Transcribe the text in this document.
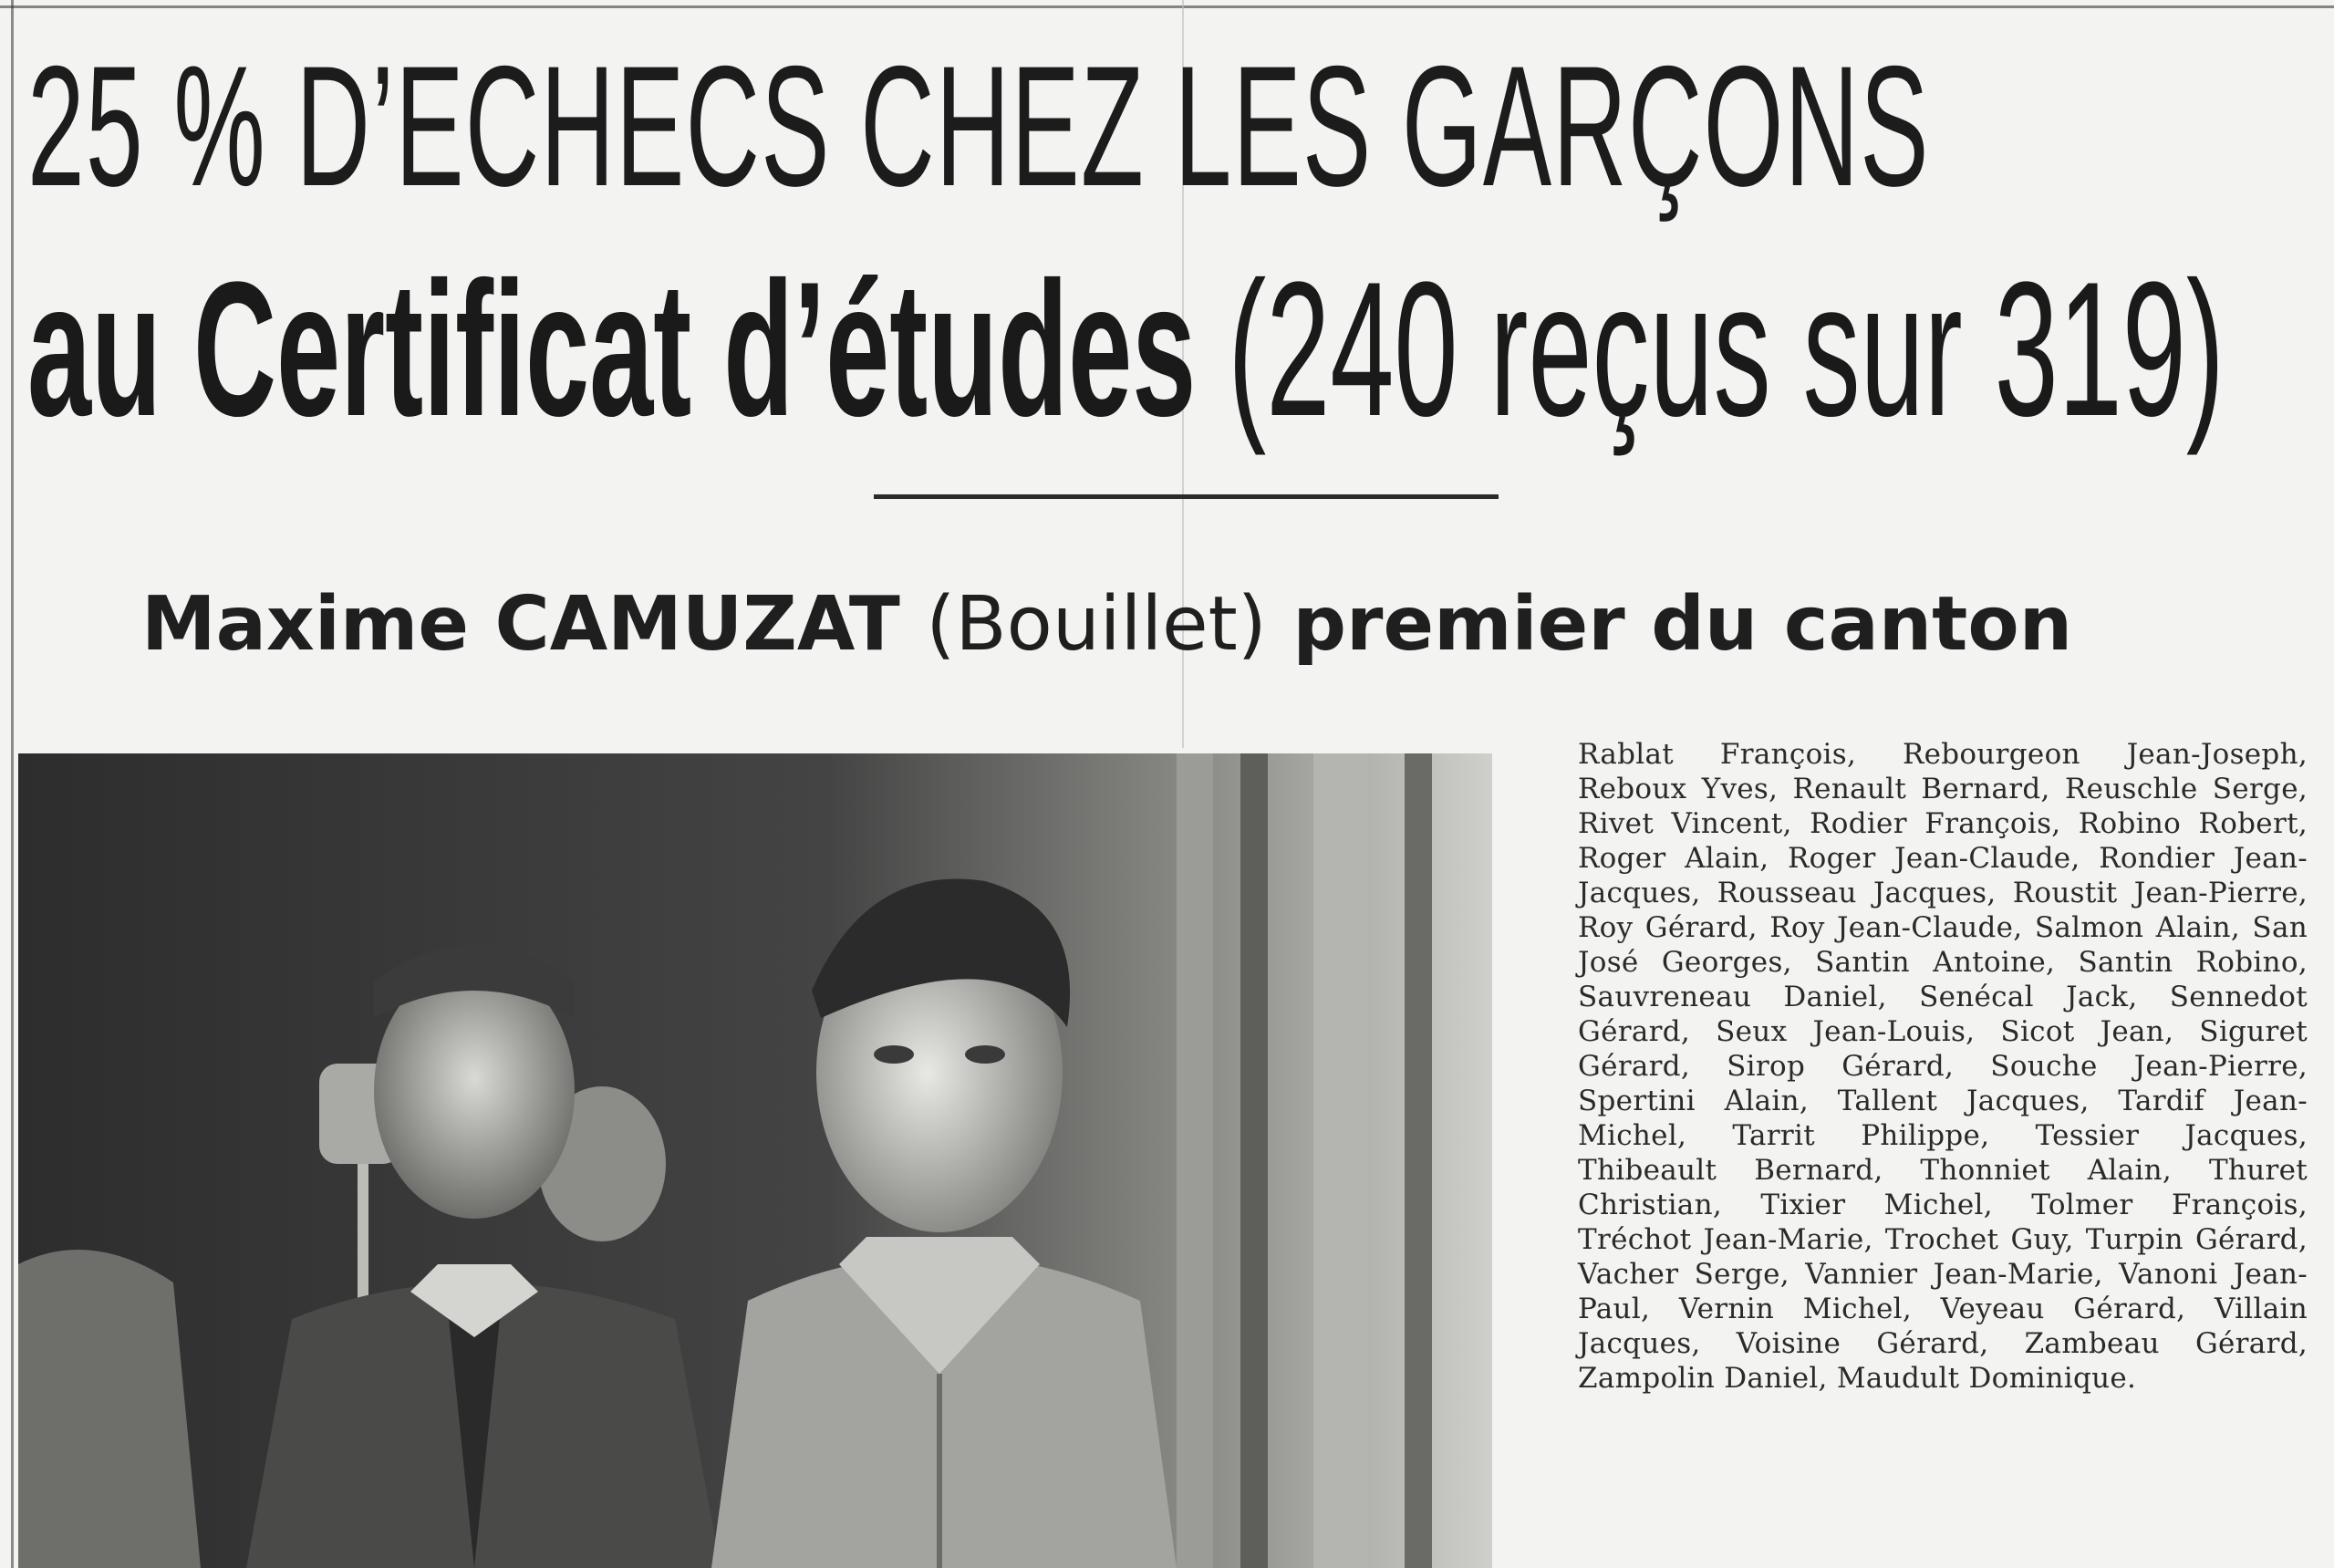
25 % D’ECHECS CHEZ LES GARÇONS
au Certificat d’études (240 reçus sur 319)
Maxime CAMUZAT (Bouillet) premier du canton

Rablat François, Rebourgeon Jean-Joseph, Reboux Yves, Renault Bernard, Reuschle Serge, Rivet Vincent, Rodier François, Robino Robert, Roger Alain, Roger Jean-Claude, Rondier Jean-Jacques, Rousseau Jacques, Roustit Jean-Pierre, Roy Gérard, Roy Jean-Claude, Salmon Alain, San José Georges, Santin Antoine, Santin Robino, Sauvreneau Daniel, Senécal Jack, Sennedot Gérard, Seux Jean-Louis, Sicot Jean, Siguret Gérard, Sirop Gérard, Souche Jean-Pierre, Spertini Alain, Tallent Jacques, Tardif Jean-Michel, Tarrit Philippe, Tessier Jacques, Thibeault Bernard, Thonniet Alain, Thuret Christian, Tixier Michel, Tolmer François, Tréchot Jean-Marie, Trochet Guy, Turpin Gérard, Vacher Serge, Vannier Jean-Marie, Vanoni Jean-Paul, Vernin Michel, Veyeau Gérard, Villain Jacques, Voisine Gérard, Zambeau Gérard, Zampolin Daniel, Maudult Dominique.
